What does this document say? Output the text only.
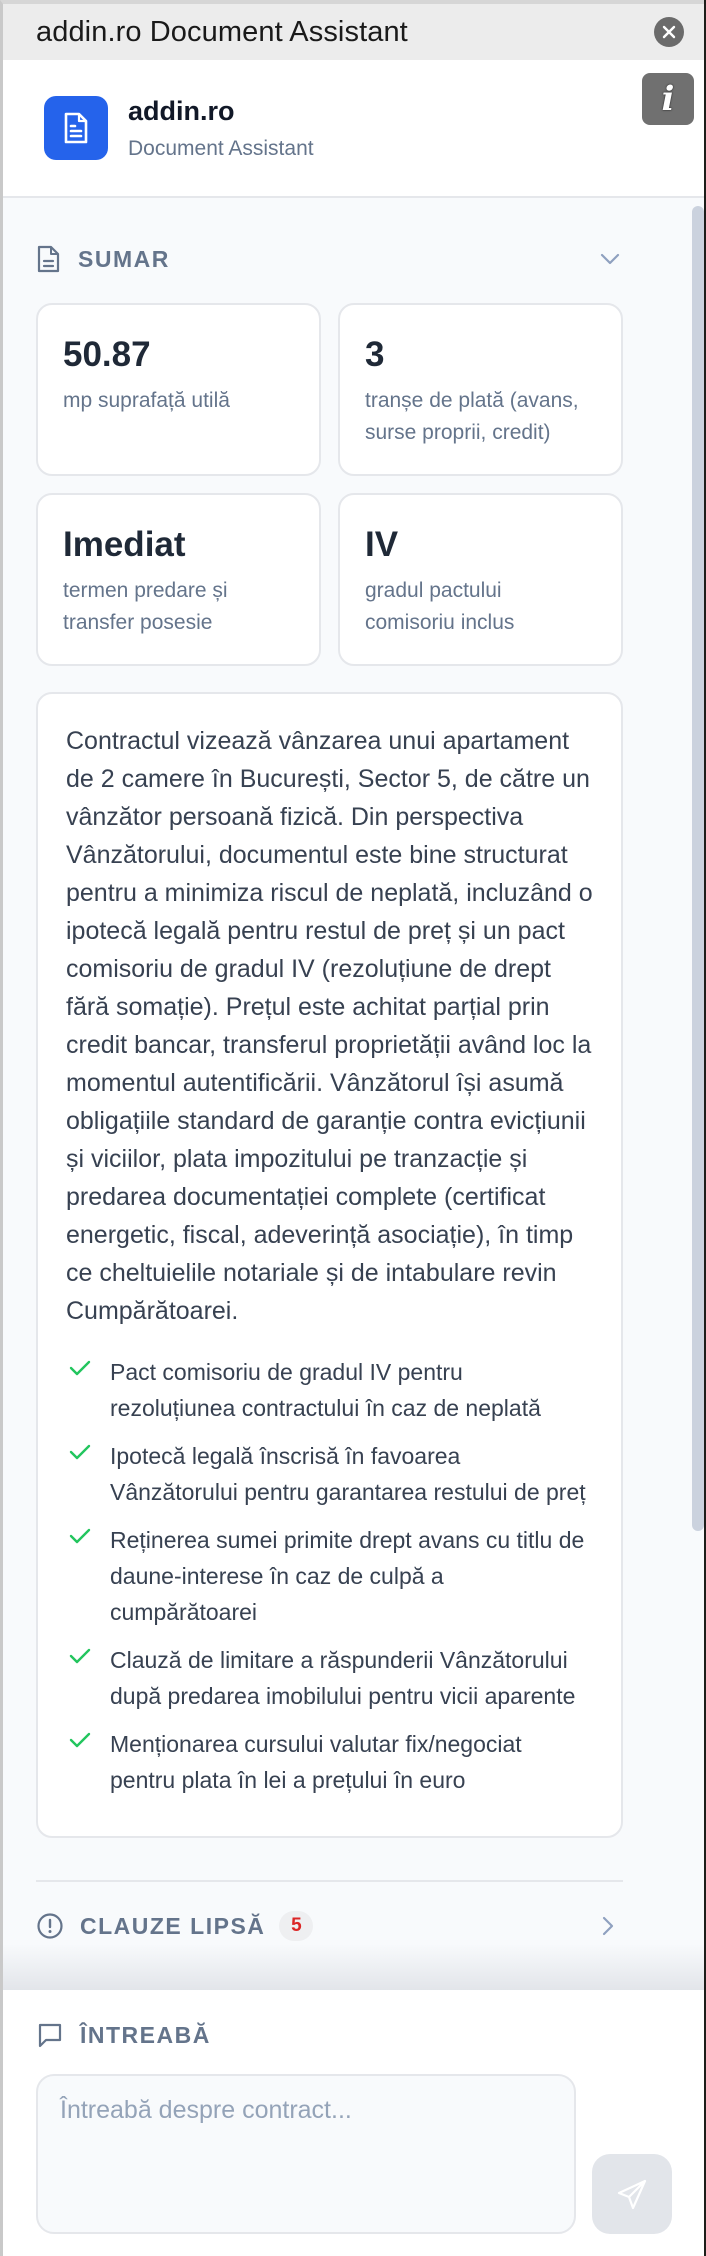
addin.ro Document Assistant
addin.ro
Document Assistant
i
SUMAR
50.87
mp suprafață utilă
3
tranșe de plată (avans, surse proprii, credit)
Imediat
termen predare și transfer posesie
IV
gradul pactului comisoriu inclus

Contractul vizează vânzarea unui apartament de 2 camere în București, Sector 5, de către un vânzător persoană fizică. Din perspectiva Vânzătorului, documentul este bine structurat pentru a minimiza riscul de neplată, incluzând o ipotecă legală pentru restul de preț și un pact comisoriu de gradul IV (rezoluțiune de drept fără somație). Prețul este achitat parțial prin credit bancar, transferul proprietății având loc la momentul autentificării. Vânzătorul își asumă obligațiile standard de garanție contra evicțiunii și viciilor, plata impozitului pe tranzacție și predarea documentației complete (certificat energetic, fiscal, adeverință asociație), în timp ce cheltuielile notariale și de intabulare revin Cumpărătoarei.

Pact comisoriu de gradul IV pentru rezoluțiunea contractului în caz de neplată
Ipotecă legală înscrisă în favoarea Vânzătorului pentru garantarea restului de preț
Reținerea sumei primite drept avans cu titlu de daune-interese în caz de culpă a cumpărătoarei
Clauză de limitare a răspunderii Vânzătorului după predarea imobilului pentru vicii aparente
Menționarea cursului valutar fix/negociat pentru plata în lei a prețului în euro
CLAUZE LIPSĂ	5
ÎNTREABĂ
Întreabă despre contract...
